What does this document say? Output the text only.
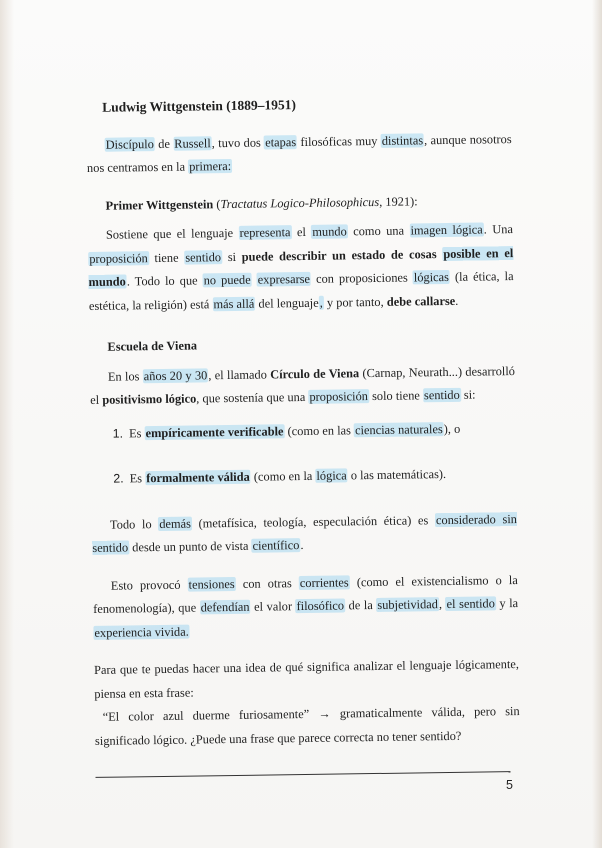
Ludwig Wittgenstein (1889–1951)

Discípulo de Russell, tuvo dos etapas filosóficas muy distintas, aunque nosotros nos centramos en la primera:

Primer Wittgenstein (Tractatus Logico-Philosophicus, 1921):

Sostiene que el lenguaje representa el mundo como una imagen lógica. Una proposición tiene sentido si puede describir un estado de cosas posible en el mundo. Todo lo que no puede expresarse con proposiciones lógicas (la ética, la estética, la religión) está más allá del lenguaje, y por tanto, debe callarse.

Escuela de Viena

En los años 20 y 30, el llamado Círculo de Viena (Carnap, Neurath...) desarrolló el positivismo lógico, que sostenía que una proposición solo tiene sentido si:

1. Es empíricamente verificable (como en las ciencias naturales), o
2. Es formalmente válida (como en la lógica o las matemáticas).

Todo lo demás (metafísica, teología, especulación ética) es considerado sin sentido desde un punto de vista científico.

Esto provocó tensiones con otras corrientes (como el existencialismo o la fenomenología), que defendían el valor filosófico de la subjetividad, el sentido y la experiencia vivida.

Para que te puedas hacer una idea de qué significa analizar el lenguaje lógicamente, piensa en esta frase:

“El color azul duerme furiosamente” → gramaticalmente válida, pero sin significado lógico. ¿Puede una frase que parece correcta no tener sentido?

5
